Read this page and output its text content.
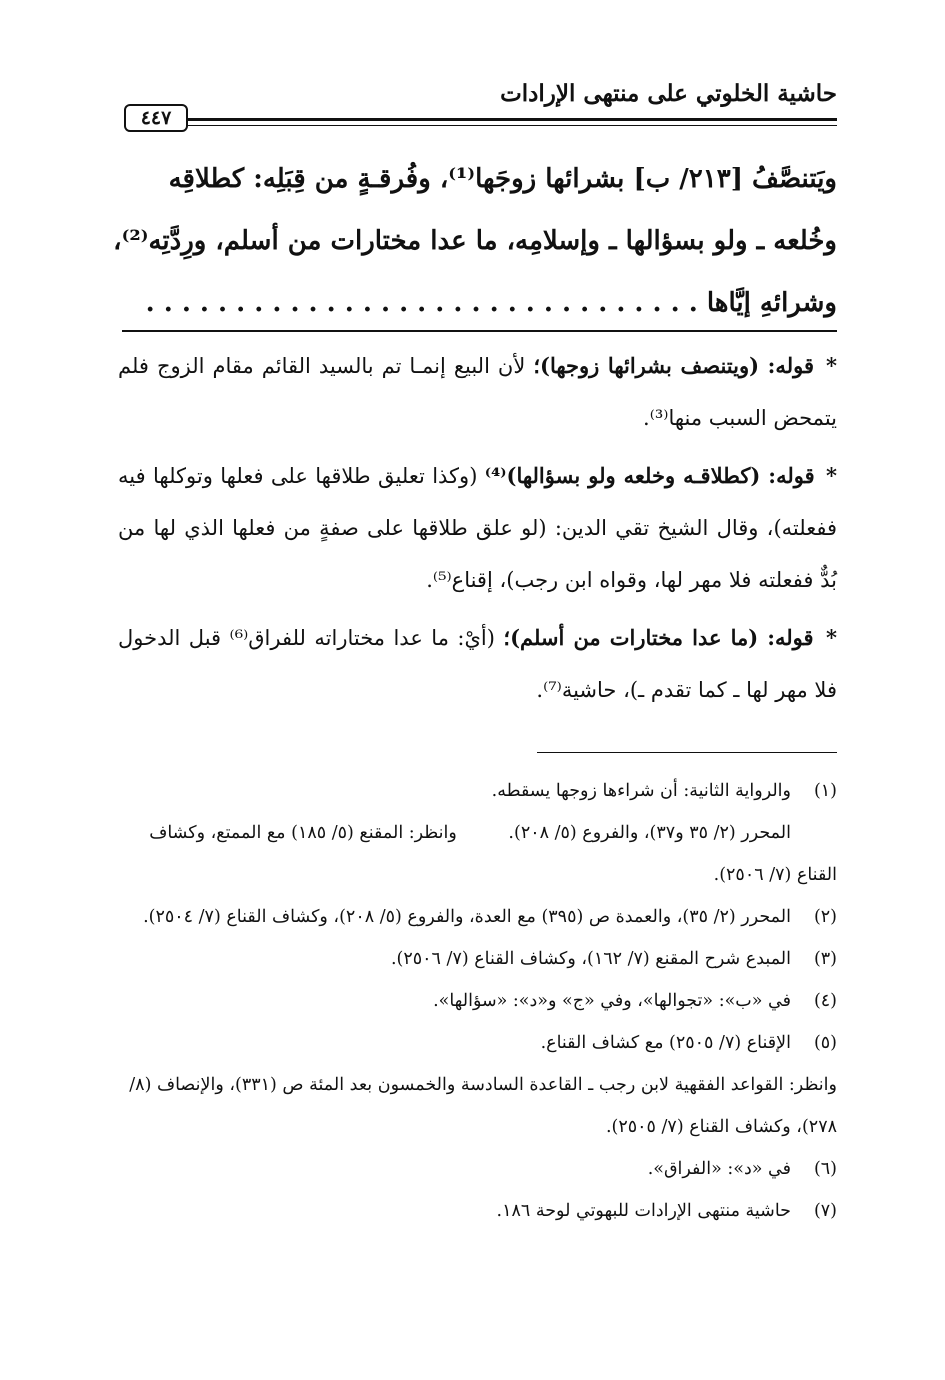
حاشية الخلوتي على منتهى الإرادات
٤٤٧
ويَتنصَّفُ [٢١٣/ ب] بشرائها زوجَها⁽¹⁾، وفُرقـةٍ من قِبَلِه: كطلاقِه
وخُلعه ـ ولو بسؤالها ـ وإسلامِه، ما عدا مختارات من أسلم، ورِدَّتِه⁽²⁾،
وشرائهِ إيَّاها . . . . . . . . . . . . . . . . . . . . . . . . . . . . . . .

* قوله: (ويتنصف بشرائها زوجها)؛ لأن البيع إنمـا تم بالسيد القائم مقام الزوج فلم يتمحض السبب منها⁽³⁾.

* قوله: (كطلاقـه وخلعه ولو بسؤالها)⁽⁴⁾ (وكذا تعليق طلاقها على فعلها وتوكلها فيه ففعلته)، وقال الشيخ تقي الدين: (لو علق طلاقها على صفةٍ من فعلها الذي لها من بُدٌّ ففعلته فلا مهر لها، وقواه ابن رجب)، إقناع⁽⁵⁾.

* قوله: (ما عدا مختارات من أسلم)؛ (أيْ: ما عدا مختاراته للفراق⁽⁶⁾ قبل الدخول فلا مهر لها ـ كما تقدم ـ)، حاشية⁽⁷⁾.

(١)
والرواية الثانية: أن شراءها زوجها يسقطه.
المحرر (٢/ ٣٥ و٣٧)، والفروع (٥/ ٢٠٨). وانظر: المقنع (٥/ ١٨٥) مع الممتع، وكشاف القناع (٧/ ٢٥٠٦).
(٢)
المحرر (٢/ ٣٥)، والعمدة ص (٣٩٥) مع العدة، والفروع (٥/ ٢٠٨)، وكشاف القناع (٧/ ٢٥٠٤).
(٣)
المبدع شرح المقنع (٧/ ١٦٢)، وكشاف القناع (٧/ ٢٥٠٦).
(٤)
في «ب»: «تجوالها»، وفي «ج» و«د»: «سؤالها».
(٥)
الإقناع (٧/ ٢٥٠٥) مع كشاف القناع.
وانظر: القواعد الفقهية لابن رجب ـ القاعدة السادسة والخمسون بعد المئة ص (٣٣١)، والإنصاف (٨/ ٢٧٨)، وكشاف القناع (٧/ ٢٥٠٥).
(٦)
في «د»: «الفراق».
(٧)
حاشية منتهى الإرادات للبهوتي لوحة ١٨٦.
